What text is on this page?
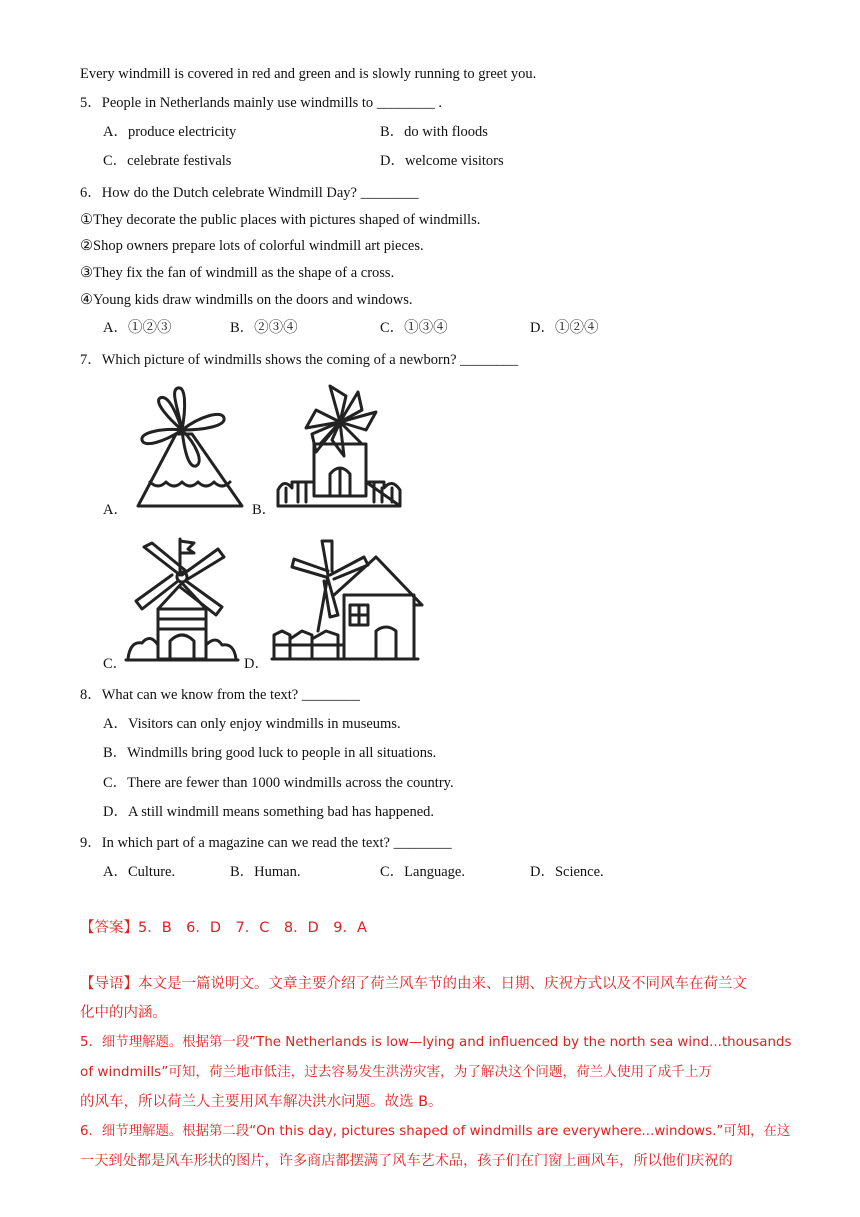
Every windmill is covered in red and green and is slowly running to greet you.
5．People in Netherlands mainly use windmills to ________ .
A．produce electricity	B．do with floods
C．celebrate festivals	D．welcome visitors
6．How do the Dutch celebrate Windmill Day? ________
①They decorate the public places with pictures shaped of windmills.
②Shop owners prepare lots of colorful windmill art pieces.
③They fix the fan of windmill as the shape of a cross.
④Young kids draw windmills on the doors and windows.
A．①②③	B．②③④	C．①③④	D．①②④
7．Which picture of windmills shows the coming of a newborn? ________
A．	B．
C．	D．
8．What can we know from the text? ________
A．Visitors can only enjoy windmills in museums.
B．Windmills bring good luck to people in all situations.
C．There are fewer than 1000 windmills across the country.
D．A still windmill means something bad has happened.
9．In which part of a magazine can we read the text? ________
A．Culture.	B．Human.	C．Language.	D．Science.
【答案】5．B　6．D　7．C　8．D　9．A
【导语】本文是一篇说明文。文章主要介绍了荷兰风车节的由来、日期、庆祝方式以及不同风车在荷兰文
化中的内涵。
5．细节理解题。根据第一段“The Netherlands is low—lying and influenced by the north sea wind...thousands
of windmills”可知，荷兰地市低洼，过去容易发生洪涝灾害，为了解决这个问题，荷兰人使用了成千上万
的风车，所以荷兰人主要用风车解决洪水问题。故选 B。
6．细节理解题。根据第二段“On this day, pictures shaped of windmills are everywhere...windows.”可知，在这
一天到处都是风车形状的图片，许多商店都摆满了风车艺术品，孩子们在门窗上画风车，所以他们庆祝的
